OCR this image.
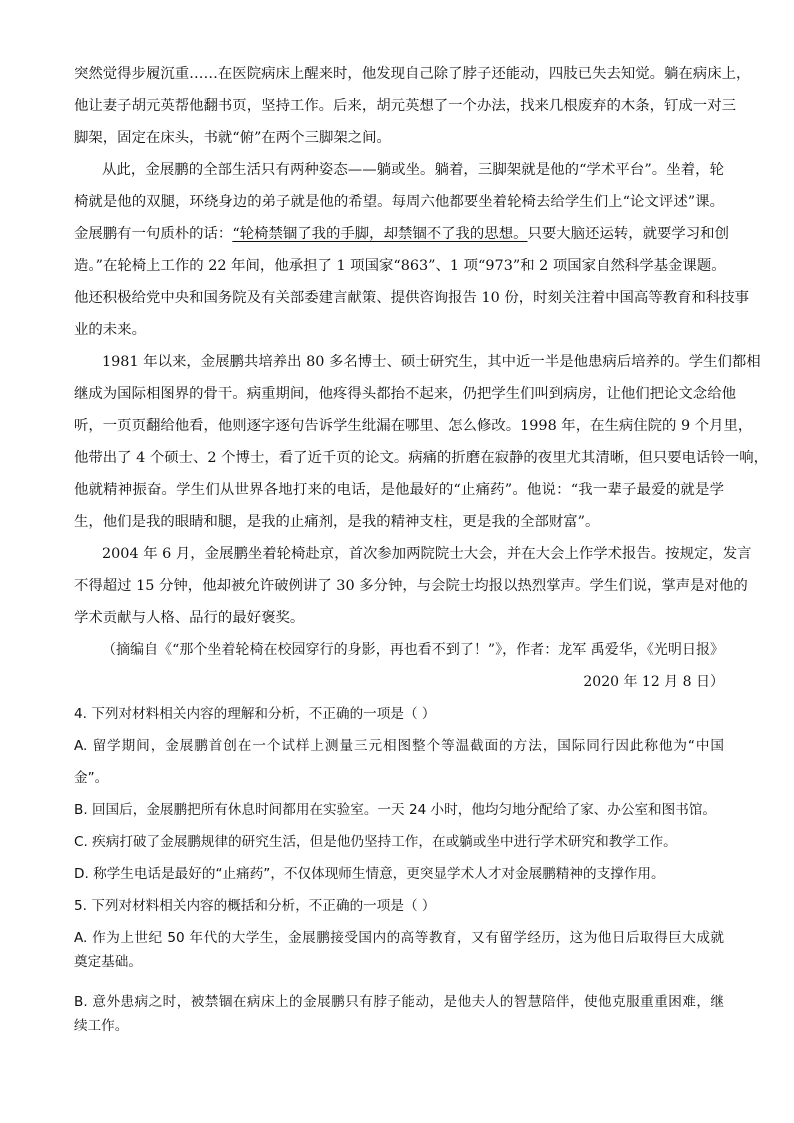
突然觉得步履沉重……在医院病床上醒来时，他发现自己除了脖子还能动，四肢已失去知觉。躺在病床上，
他让妻子胡元英帮他翻书页，坚持工作。后来，胡元英想了一个办法，找来几根废弃的木条，钉成一对三
脚架，固定在床头，书就“俯”在两个三脚架之间。
从此，金展鹏的全部生活只有两种姿态——躺或坐。躺着，三脚架就是他的“学术平台”。坐着，轮
椅就是他的双腿，环绕身边的弟子就是他的希望。每周六他都要坐着轮椅去给学生们上“论文评述”课。
金展鹏有一句质朴的话： “轮椅禁锢了我的手脚，却禁锢不了我的思想。 只要大脑还运转，就要学习和创
造。”在轮椅上工作的 22 年间，他承担了 1 项国家“863”、1 项“973”和 2 项国家自然科学基金课题。
他还积极给党中央和国务院及有关部委建言献策、提供咨询报告 10 份，时刻关注着中国高等教育和科技事
业的未来。
1981 年以来，金展鹏共培养出 80 多名博士、硕士研究生，其中近一半是他患病后培养的。学生们都相
继成为国际相图界的骨干。病重期间，他疼得头都抬不起来，仍把学生们叫到病房，让他们把论文念给他
听，一页页翻给他看，他则逐字逐句告诉学生纰漏在哪里、怎么修改。1998 年，在生病住院的 9 个月里，
他带出了 4 个硕士、2 个博士，看了近千页的论文。病痛的折磨在寂静的夜里尤其清晰，但只要电话铃一响，
他就精神振奋。学生们从世界各地打来的电话，是他最好的“止痛药”。他说：“我一辈子最爱的就是学
生，他们是我的眼睛和腿，是我的止痛剂，是我的精神支柱，更是我的全部财富”。
2004 年 6 月，金展鹏坐着轮椅赴京，首次参加两院院士大会，并在大会上作学术报告。按规定，发言
不得超过 15 分钟，他却被允许破例讲了 30 多分钟，与会院士均报以热烈掌声。学生们说，掌声是对他的
学术贡献与人格、品行的最好褒奖。
（摘编自《“那个坐着轮椅在校园穿行的身影，再也看不到了！”》，作者：龙军 禹爱华，《光明日报》
2020 年 12 月 8 日）
4. 下列对材料相关内容的理解和分析，不正确的一项是（ ）
A. 留学期间，金展鹏首创在一个试样上测量三元相图整个等温截面的方法，国际同行因此称他为“中国
金”。
B. 回国后，金展鹏把所有休息时间都用在实验室。一天 24 小时，他均匀地分配给了家、办公室和图书馆。
C. 疾病打破了金展鹏规律的研究生活，但是他仍坚持工作，在或躺或坐中进行学术研究和教学工作。
D. 称学生电话是最好的“止痛药”，不仅体现师生情意，更突显学术人才对金展鹏精神的支撑作用。
5. 下列对材料相关内容的概括和分析，不正确的一项是（ ）
A. 作为上世纪 50 年代的大学生，金展鹏接受国内的高等教育，又有留学经历，这为他日后取得巨大成就
奠定基础。
B. 意外患病之时，被禁锢在病床上的金展鹏只有脖子能动，是他夫人的智慧陪伴，使他克服重重困难，继
续工作。
